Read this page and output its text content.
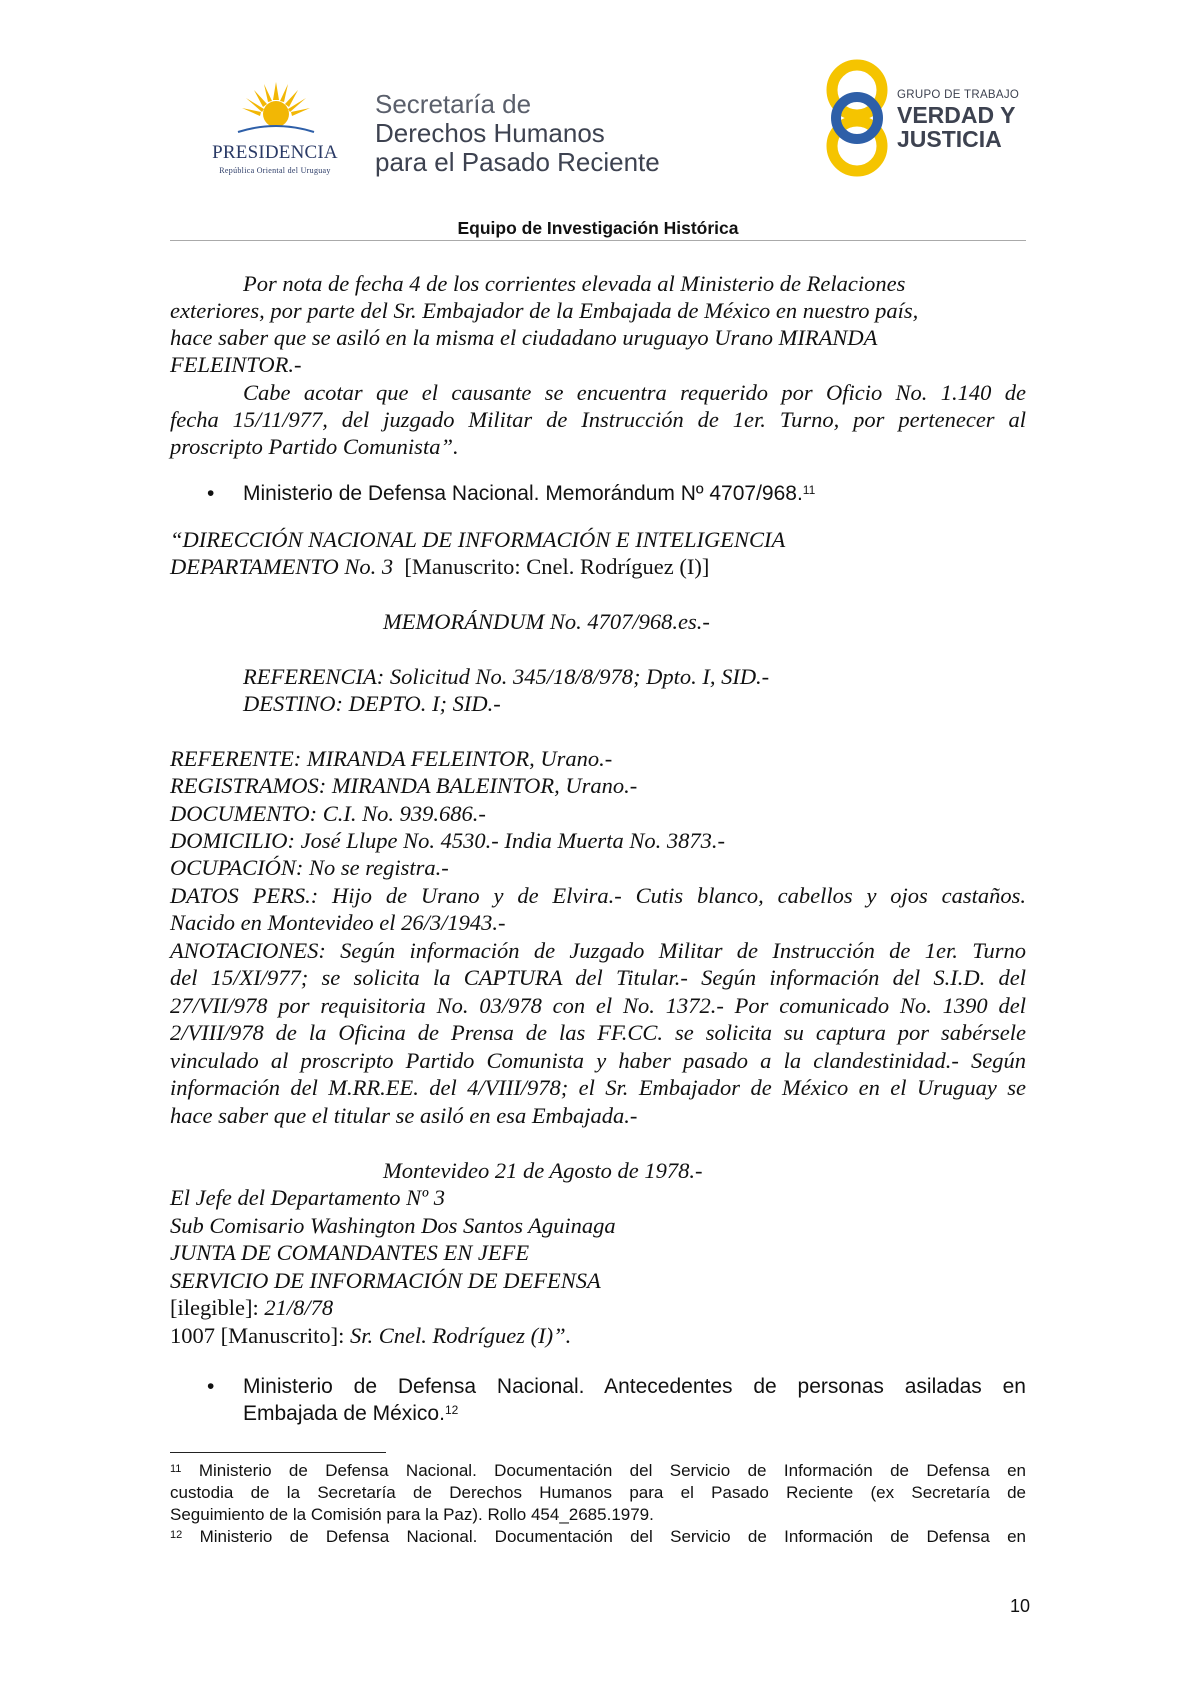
PRESIDENCIA
República Oriental del Uruguay
Secretaría de
Derechos Humanos
para el Pasado Reciente
GRUPO DE TRABAJO
VERDAD Y
JUSTICIA
Equipo de Investigación Histórica
Por nota de fecha 4 de los corrientes elevada al Ministerio de Relaciones
exteriores, por parte del Sr. Embajador de la Embajada de México en nuestro país,
hace saber que se asiló en la misma el ciudadano uruguayo Urano MIRANDA
FELEINTOR.-
Cabe acotar que el causante se encuentra requerido por Oficio No. 1.140 de
fecha 15/11/977, del juzgado Militar de Instrucción de 1er. Turno, por pertenecer al
proscripto Partido Comunista”.
• Ministerio de Defensa Nacional. Memorándum Nº 4707/968.11
“DIRECCIÓN NACIONAL DE INFORMACIÓN E INTELIGENCIA
DEPARTAMENTO No. 3 [Manuscrito: Cnel. Rodríguez (I)]
MEMORÁNDUM No. 4707/968.es.-
REFERENCIA: Solicitud No. 345/18/8/978; Dpto. I, SID.-
DESTINO: DEPTO. I; SID.-
REFERENTE: MIRANDA FELEINTOR, Urano.-
REGISTRAMOS: MIRANDA BALEINTOR, Urano.-
DOCUMENTO: C.I. No. 939.686.-
DOMICILIO: José Llupe No. 4530.- India Muerta No. 3873.-
OCUPACIÓN: No se registra.-
DATOS PERS.: Hijo de Urano y de Elvira.- Cutis blanco, cabellos y ojos castaños.
Nacido en Montevideo el 26/3/1943.-
ANOTACIONES: Según información de Juzgado Militar de Instrucción de 1er. Turno
del 15/XI/977; se solicita la CAPTURA del Titular.- Según información del S.I.D. del
27/VII/978 por requisitoria No. 03/978 con el No. 1372.- Por comunicado No. 1390 del
2/VIII/978 de la Oficina de Prensa de las FF.CC. se solicita su captura por sabérsele
vinculado al proscripto Partido Comunista y haber pasado a la clandestinidad.- Según
información del M.RR.EE. del 4/VIII/978; el Sr. Embajador de México en el Uruguay se
hace saber que el titular se asiló en esa Embajada.-
Montevideo 21 de Agosto de 1978.-
El Jefe del Departamento Nº 3
Sub Comisario Washington Dos Santos Aguinaga
JUNTA DE COMANDANTES EN JEFE
SERVICIO DE INFORMACIÓN DE DEFENSA
[ilegible]: 21/8/78
1007 [Manuscrito]: Sr. Cnel. Rodríguez (I)”.
• Ministerio de Defensa Nacional. Antecedentes de personas asiladas en
Embajada de México.$^{12}$
$^{11}$ Ministerio de Defensa Nacional. Documentación del Servicio de Información de Defensa en
custodia de la Secretaría de Derechos Humanos para el Pasado Reciente (ex Secretaría de
Seguimiento de la Comisión para la Paz). Rollo 454_2685.1979.
$^{12}$ Ministerio de Defensa Nacional. Documentación del Servicio de Información de Defensa en
10
